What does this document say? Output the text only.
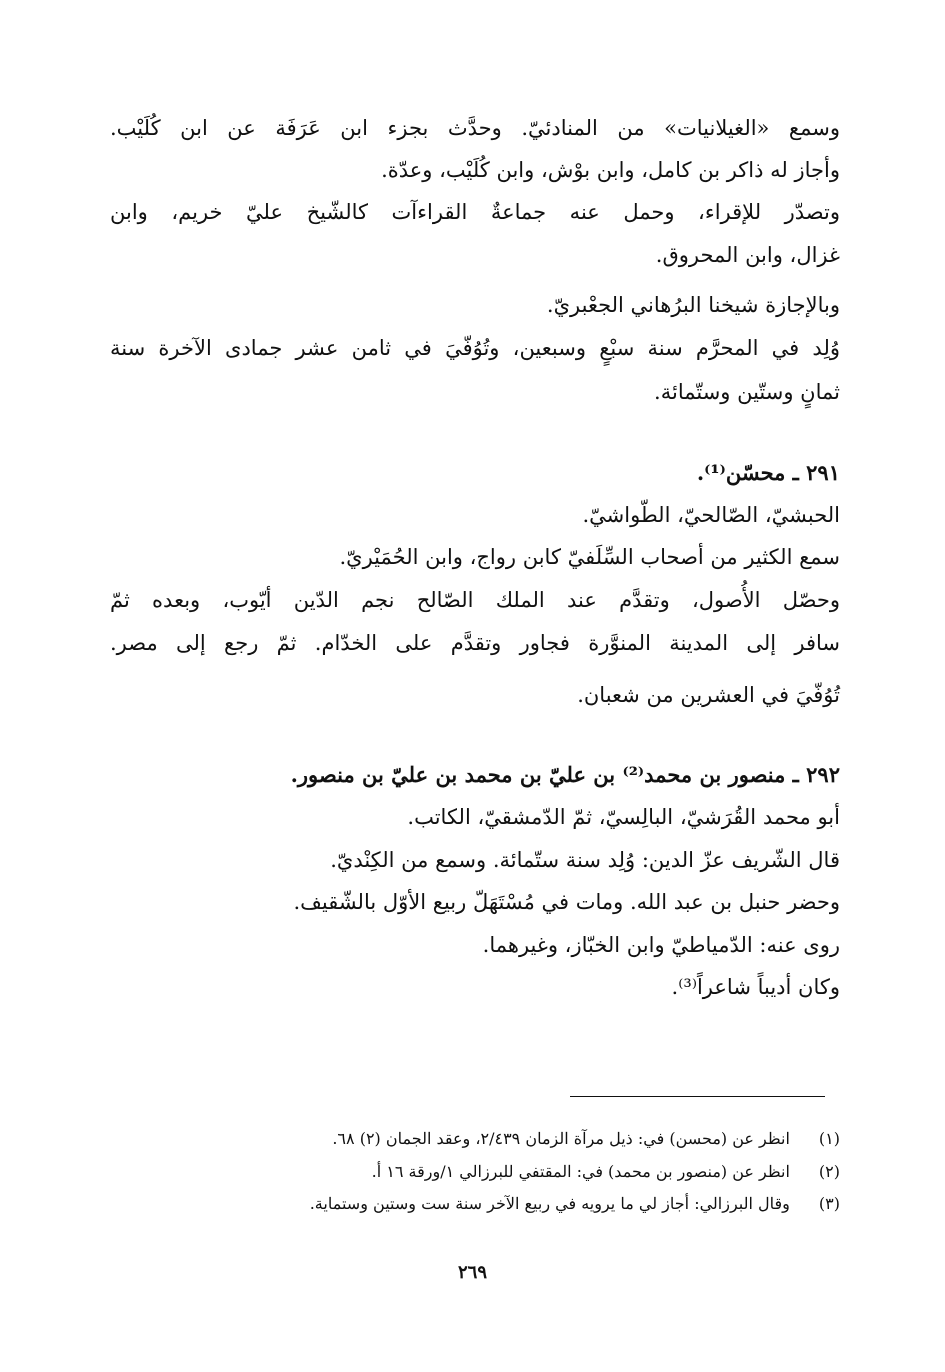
وسمع «الغيلانيات» من المنادئيّ. وحدَّث بجزء ابن عَرَفَة عن ابن كُلَيْب.
وأجاز له ذاكر بن كامل، وابن بوْش، وابن كُلَيْب، وعدّة.
وتصدّر للإقراء، وحمل عنه جماعةٌ القراءآت كالشّيخ عليّ خريم، وابن
غزال، وابن المحروق.
وبالإجازة شيخنا البرُهاني الجعْبريّ.
وُلِد في المحرَّم سنة سبْعٍ وسبعين، وتُوُفّيَ في ثامن عشر جمادى الآخرة سنة
ثمانٍ وستّين وستّمائة.
٢٩١ ـ محسّن⁽¹⁾.
الحبشيّ، الصّالحيّ، الطّواشيّ.
سمع الكثير من أصحاب السِّلَفيّ كابن رواج، وابن الحُمَيْريّ.
وحصّل الأُصول، وتقدَّم عند الملك الصّالح نجم الدّين أيّوب، وبعده ثمّ
سافر إلى المدينة المنوَّرة فجاور وتقدَّم على الخدّام. ثمّ رجع إلى مصر.
تُوُفّيَ في العشرين من شعبان.
٢٩٢ ـ منصور بن محمد⁽²⁾ بن عليّ بن محمد بن عليّ بن منصور.
أبو محمد القُرَشيّ، البالِسيّ، ثمّ الدّمشقيّ، الكاتب.
قال الشّريف عزّ الدين: وُلِد سنة ستّمائة. وسمع من الكِنْديّ.
وحضر حنبل بن عبد الله. ومات في مُسْتَهَلّ ربيع الأوّل بالشّقيف.
روى عنه: الدّمياطيّ وابن الخبّاز، وغيرهما.
وكان أديباً شاعراً⁽³⁾.
(١) انظر عن (محسن) في: ذيل مرآة الزمان ٢/٤٣٩، وعقد الجمان (٢) ٦٨.
(٢) انظر عن (منصور بن محمد) في: المقتفي للبرزالي ١/ورقة ١٦ أ.
(٣) وقال البرزالي: أجاز لي ما يرويه في ربيع الآخر سنة ست وستين وستماية.
٢٦٩
